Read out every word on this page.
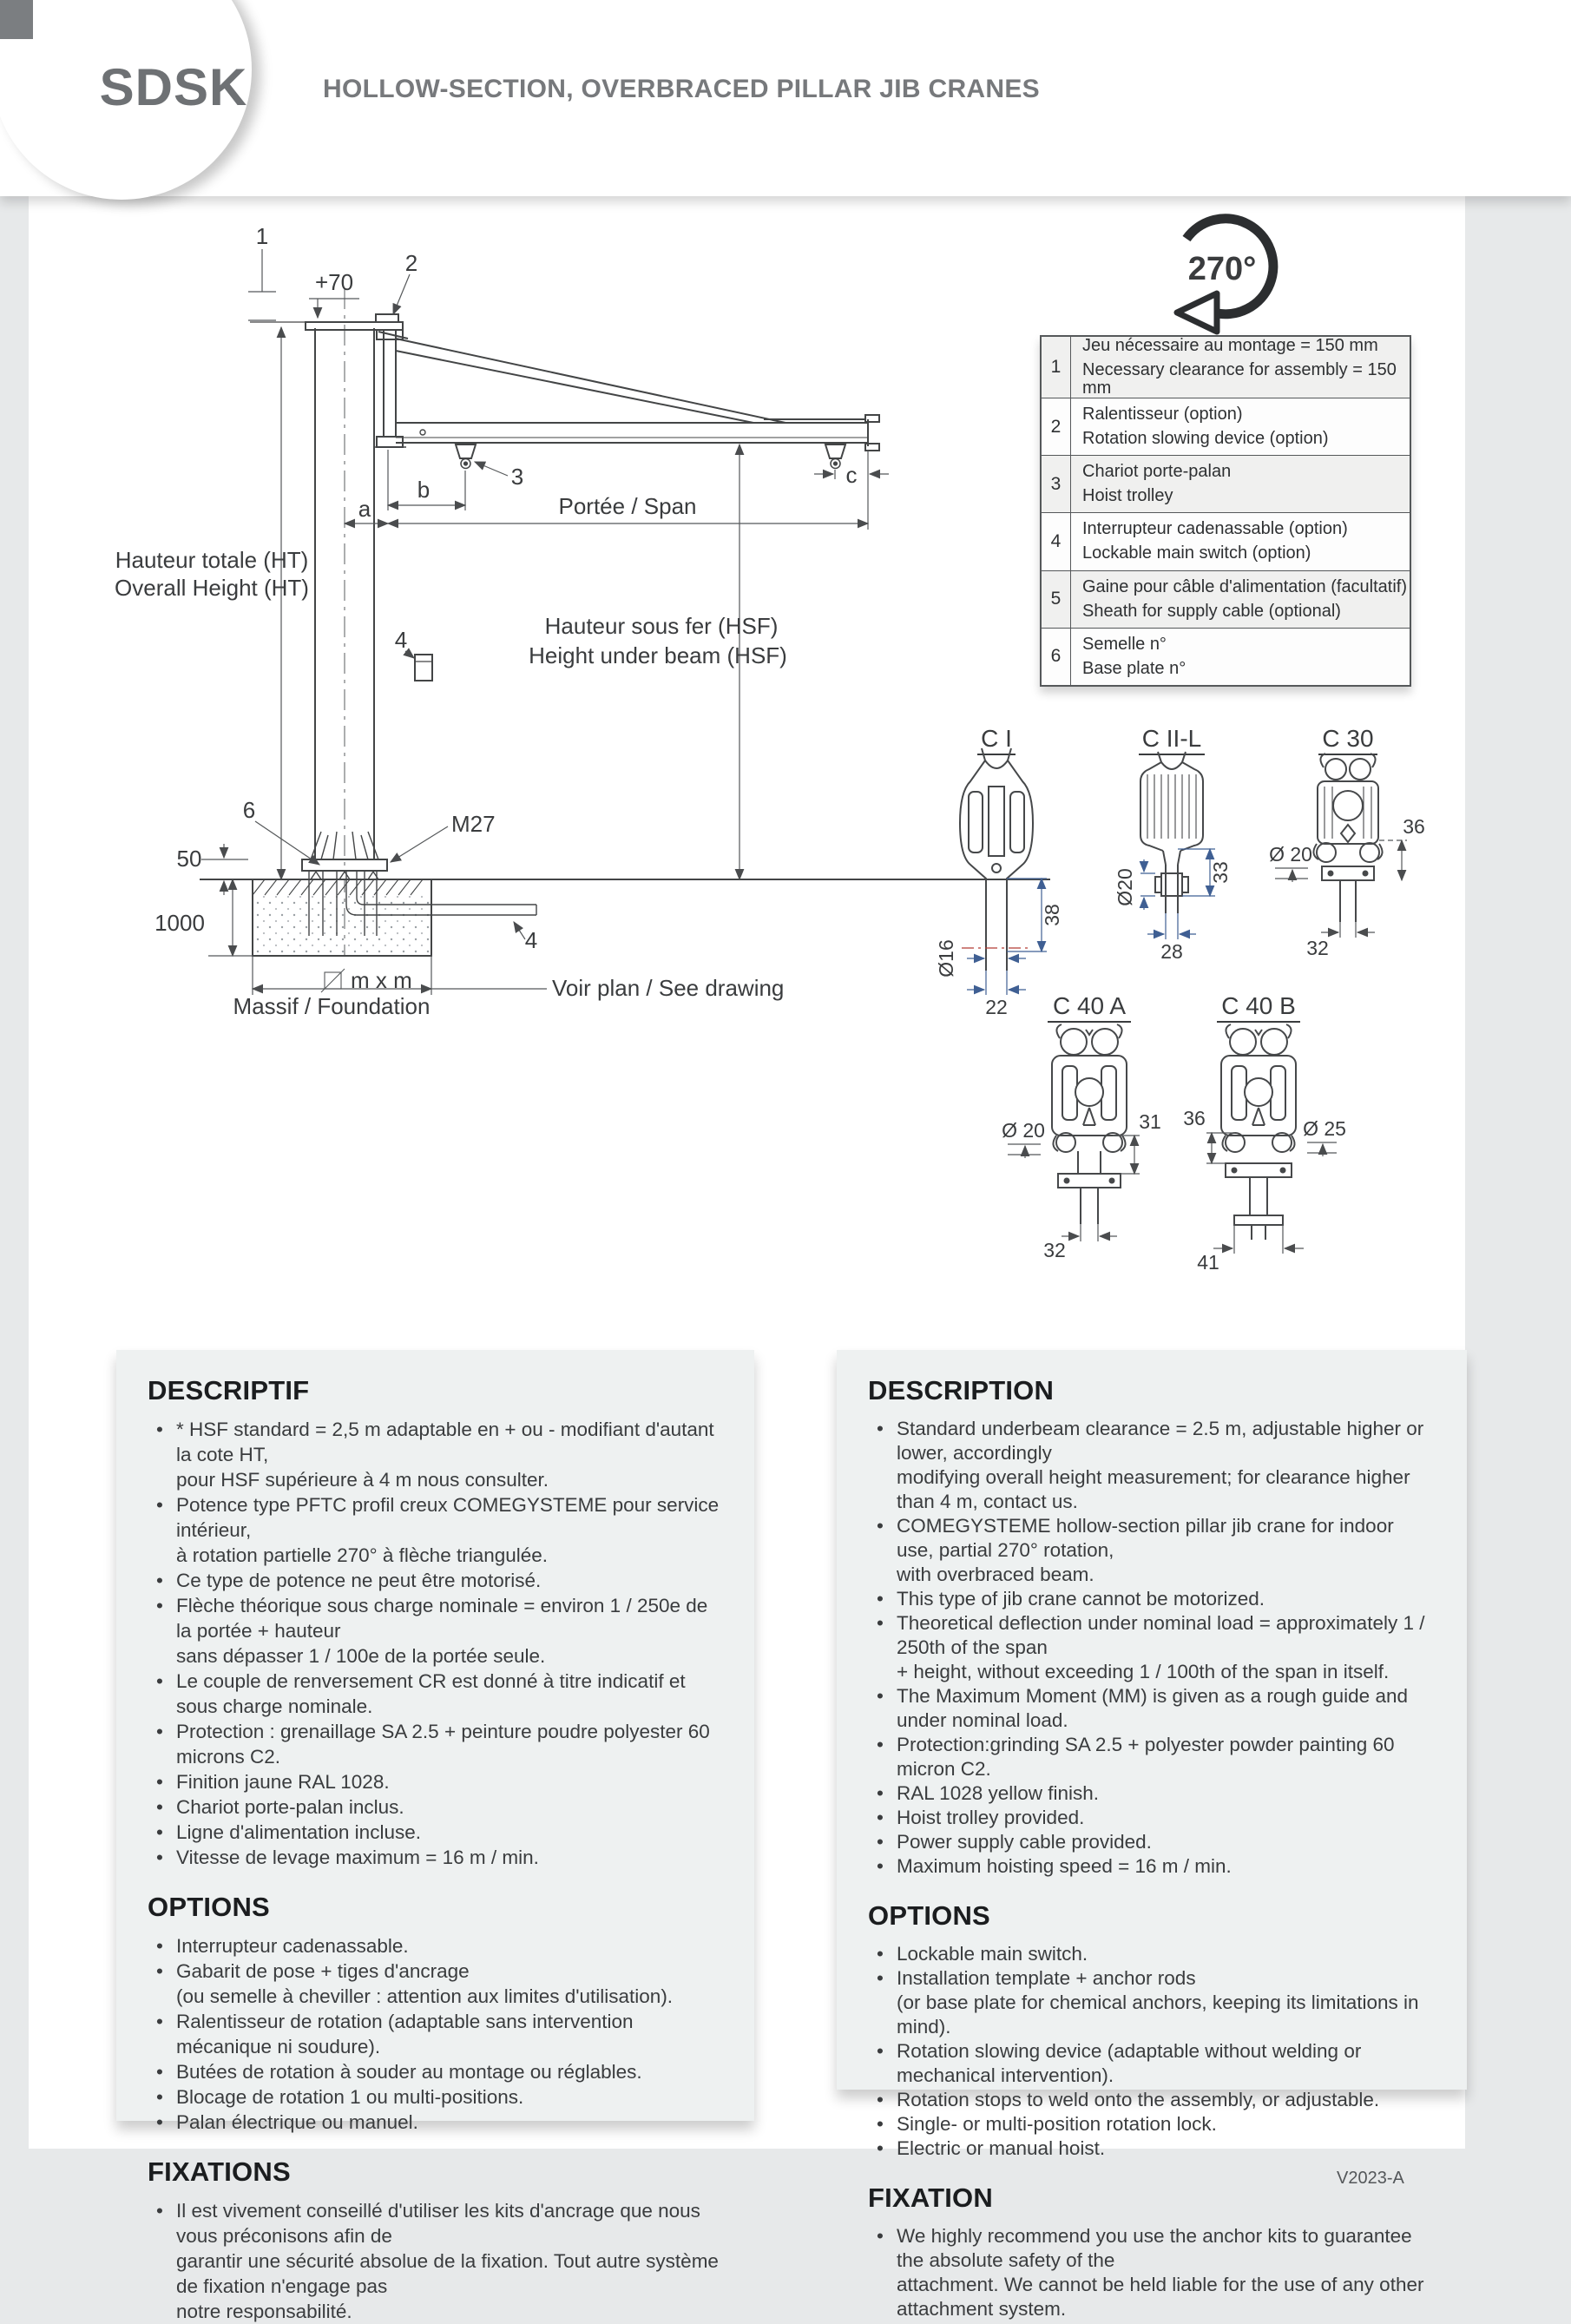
HOLLOW-SECTION, OVERBRACED PILLAR JIB CRANES
SDSK
270°
1
+70
2
3
4
6
M27
a
b
c
Portée / Span
Hauteur totale (HT)
Overall Height (HT)
Hauteur sous fer (HSF)
Height under beam (HSF)
50
1000
m x m
Massif / Foundation
Voir plan / See drawing
4
C I
Ø16
38
22
C II-L
Ø20	33
28
C 30
Ø 20
36
32
C 40 A
Ø 20	31
32
C 40 B
36	Ø 25
41
1
Jeu nécessaire au montage = 150 mm
Necessary clearance for assembly = 150 mm
2
Ralentisseur (option)
Rotation slowing device (option)
3
Chariot porte-palan
Hoist trolley
4
Interrupteur cadenassable (option)
Lockable main switch (option)
5
Gaine pour câble d'alimentation (facultatif)
Sheath for supply cable (optional)
6
Semelle n°
Base plate n°
DESCRIPTIF
• * HSF standard = 2,5 m adaptable en + ou - modifiant d'autant la cote HT,
pour HSF supérieure à 4 m nous consulter.
• Potence type PFTC profil creux COMEGYSTEME pour service intérieur,
à rotation partielle 270° à flèche triangulée.
• Ce type de potence ne peut être motorisé.
• Flèche théorique sous charge nominale = environ 1 / 250e de la portée + hauteur
sans dépasser 1 / 100e de la portée seule.
• Le couple de renversement CR est donné à titre indicatif et sous charge nominale.
• Protection : grenaillage SA 2.5 + peinture poudre polyester 60 microns C2.
• Finition jaune RAL 1028.
• Chariot porte-palan inclus.
• Ligne d'alimentation incluse.
• Vitesse de levage maximum = 16 m / min.
OPTIONS
• Interrupteur cadenassable.
• Gabarit de pose + tiges d'ancrage
(ou semelle à cheviller : attention aux limites d'utilisation).
• Ralentisseur de rotation (adaptable sans intervention mécanique ni soudure).
• Butées de rotation à souder au montage ou réglables.
• Blocage de rotation 1 ou multi-positions.
• Palan électrique ou manuel.
FIXATIONS
• Il est vivement conseillé d'utiliser les kits d'ancrage que nous vous préconisons afin de
garantir une sécurité absolue de la fixation. Tout autre système de fixation n'engage pas
notre responsabilité.
DESCRIPTION
• Standard underbeam clearance = 2.5 m, adjustable higher or lower, accordingly
modifying overall height measurement; for clearance higher than 4 m, contact us.
• COMEGYSTEME hollow-section pillar jib crane for indoor use, partial 270° rotation,
with overbraced beam.
• This type of jib crane cannot be motorized.
• Theoretical deflection under nominal load = approximately 1 / 250th of the span
+ height, without exceeding 1 / 100th of the span in itself.
• The Maximum Moment (MM) is given as a rough guide and under nominal load.
• Protection:grinding SA 2.5 + polyester powder painting 60 micron C2.
• RAL 1028 yellow finish.
• Hoist trolley provided.
• Power supply cable provided.
• Maximum hoisting speed = 16 m / min.
OPTIONS
• Lockable main switch.
• Installation template + anchor rods
(or base plate for chemical anchors, keeping its limitations in mind).
• Rotation slowing device (adaptable without welding or mechanical intervention).
• Rotation stops to weld onto the assembly, or adjustable.
• Single- or multi-position rotation lock.
• Electric or manual hoist.
FIXATION
• We highly recommend you use the anchor kits to guarantee the absolute safety of the
attachment. We cannot be held liable for the use of any other attachment system.
V2023-A
